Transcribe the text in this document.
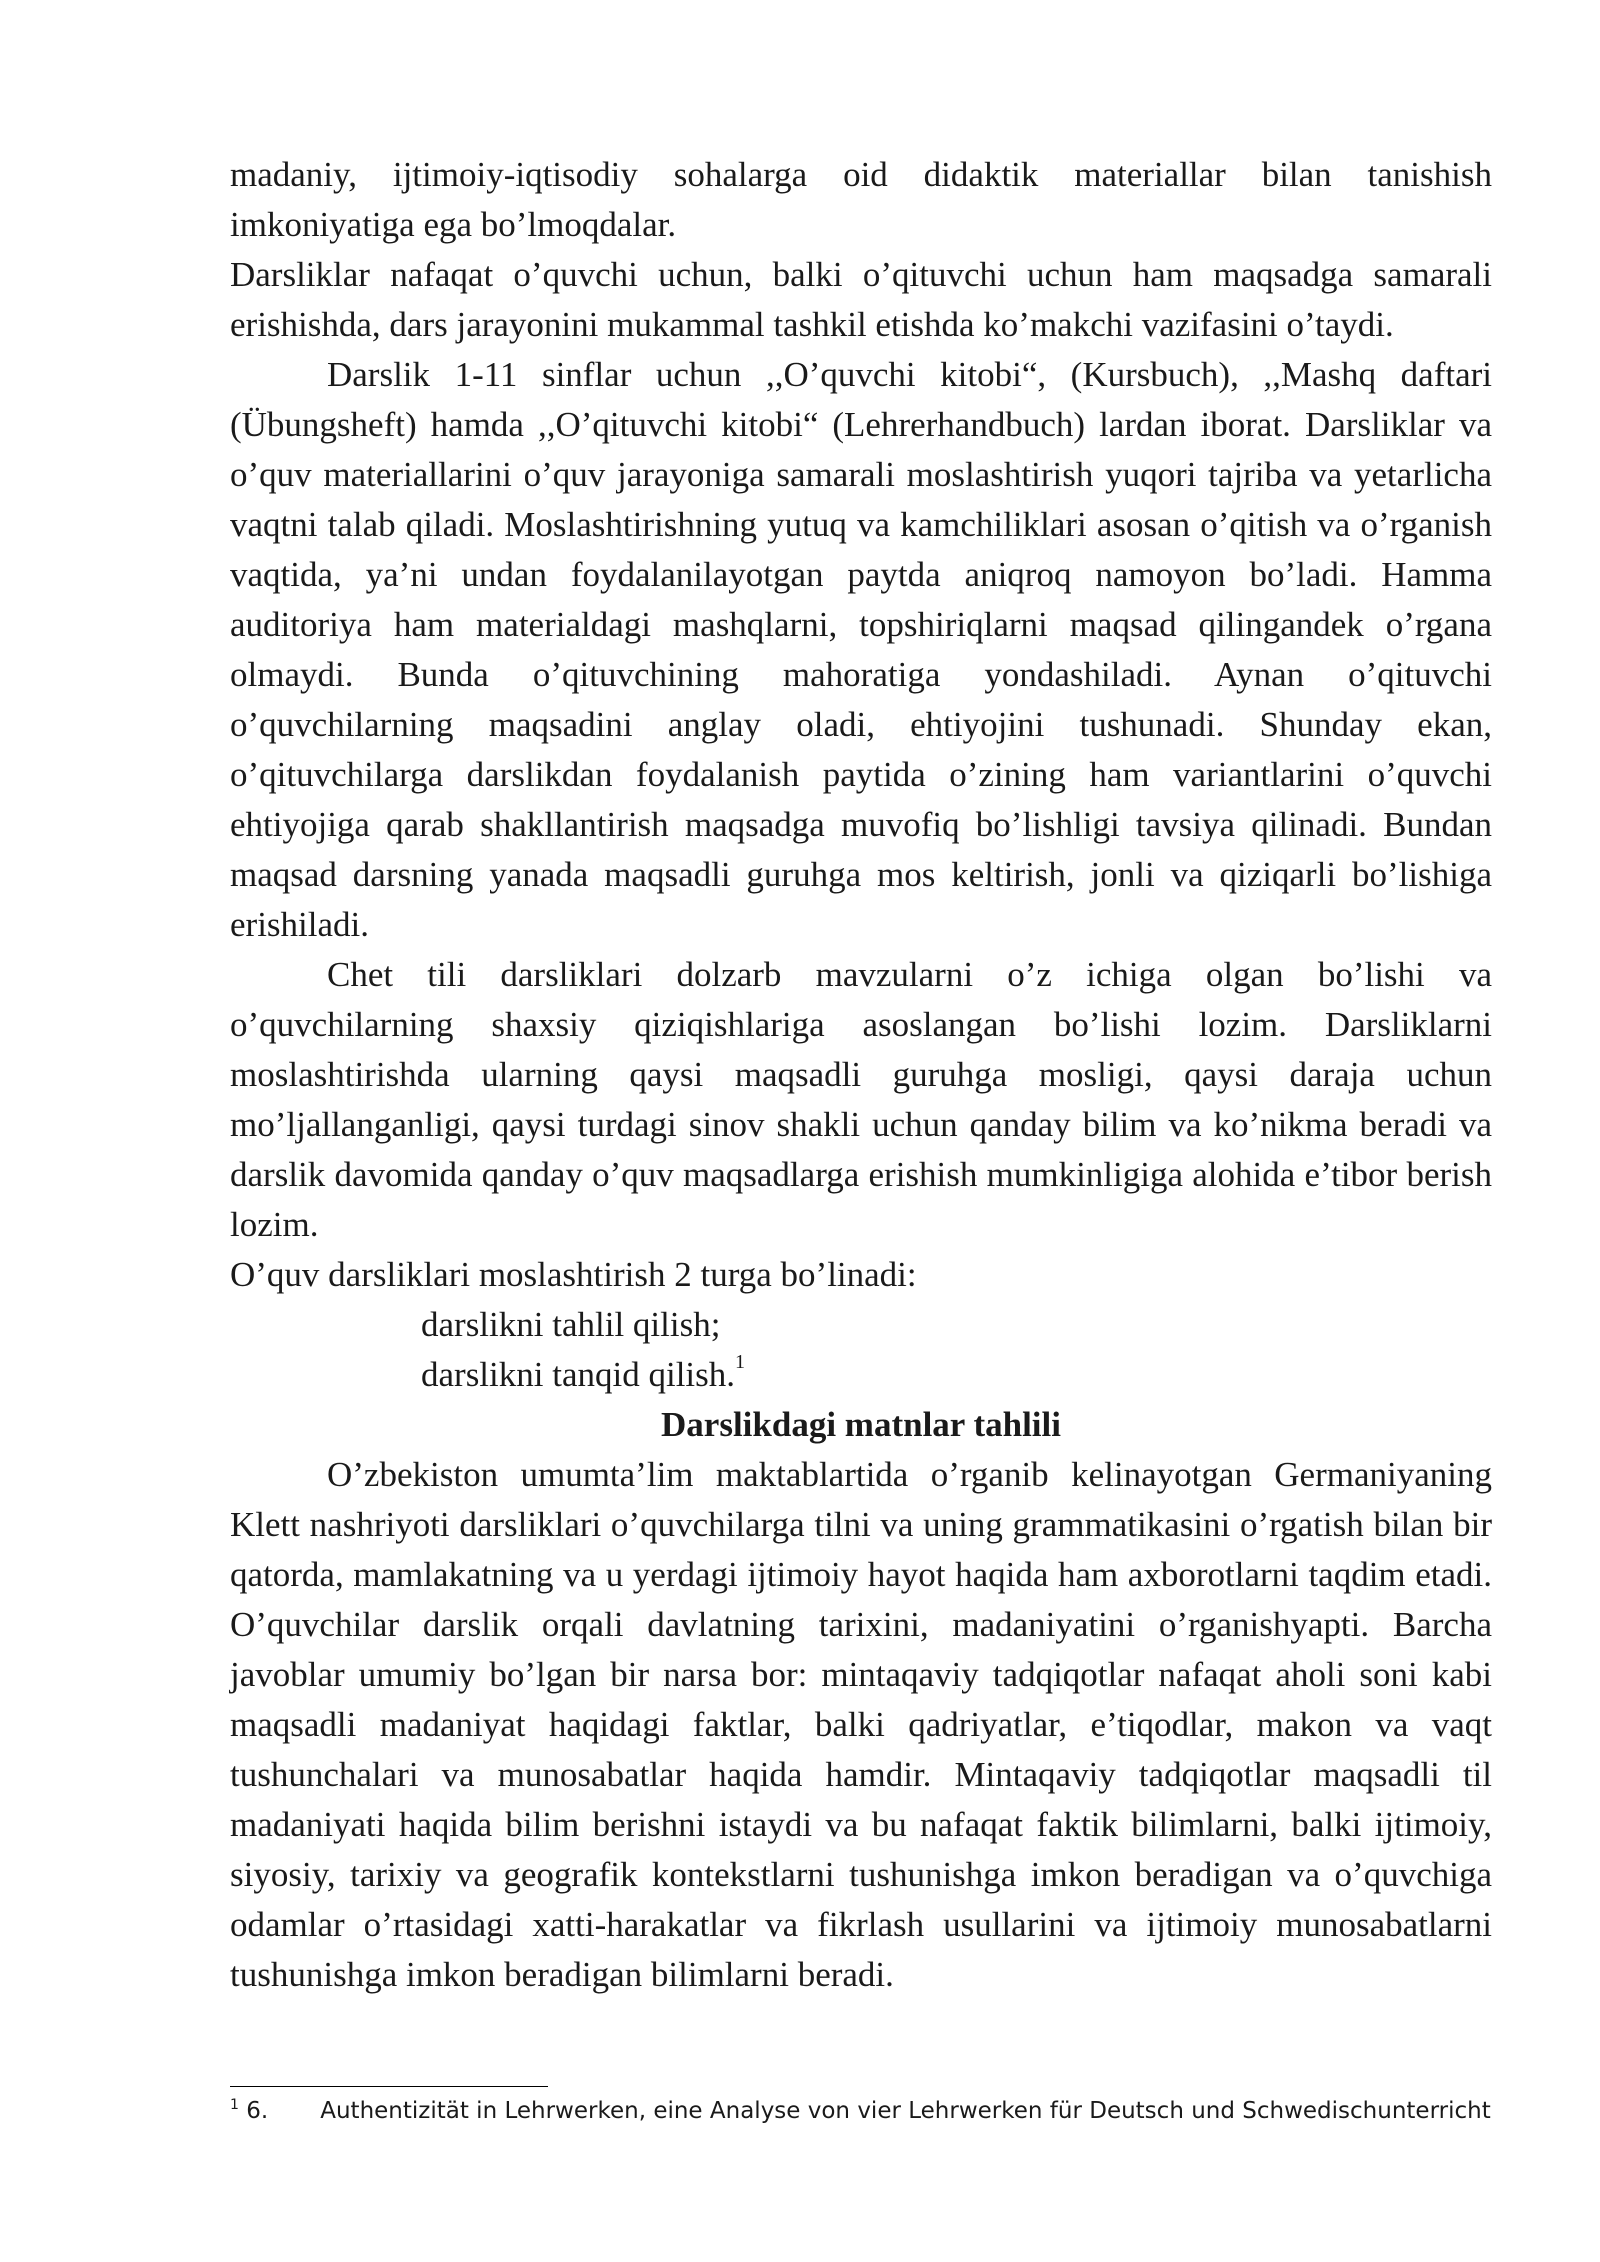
madaniy, ijtimoiy-iqtisodiy sohalarga oid didaktik materiallar bilan tanishish imkoniyatiga ega bo’lmoqdalar.

Darsliklar nafaqat o’quvchi uchun, balki o’qituvchi uchun ham maqsadga samarali erishishda, dars jarayonini mukammal tashkil etishda ko’makchi vazifasini o’taydi.

Darslik 1-11 sinflar uchun ,,O’quvchi kitobi“, (Kursbuch), ,,Mashq daftari (Übungsheft) hamda ,,O’qituvchi kitobi“ (Lehrerhandbuch) lardan iborat. Darsliklar va o’quv materiallarini o’quv jarayoniga samarali moslashtirish yuqori tajriba va yetarlicha vaqtni talab qiladi. Moslashtirishning yutuq va kamchiliklari asosan o’qitish va o’rganish vaqtida, ya’ni undan foydalanilayotgan paytda aniqroq namoyon bo’ladi. Hamma auditoriya ham materialdagi mashqlarni, topshiriqlarni maqsad qilingandek o’rgana olmaydi. Bunda o’qituvchining mahoratiga yondashiladi. Aynan o’qituvchi o’quvchilarning maqsadini anglay oladi, ehtiyojini tushunadi. Shunday ekan, o’qituvchilarga darslikdan foydalanish paytida o’zining ham variantlarini o’quvchi ehtiyojiga qarab shakllantirish maqsadga muvofiq bo’lishligi tavsiya qilinadi. Bundan maqsad darsning yanada maqsadli guruhga mos keltirish, jonli va qiziqarli bo’lishiga erishiladi.

Chet tili darsliklari dolzarb mavzularni o’z ichiga olgan bo’lishi va o’quvchilarning shaxsiy qiziqishlariga asoslangan bo’lishi lozim. Darsliklarni moslashtirishda ularning qaysi maqsadli guruhga mosligi, qaysi daraja uchun mo’ljallanganligi, qaysi turdagi sinov shakli uchun qanday bilim va ko’nikma beradi va darslik davomida qanday o’quv maqsadlarga erishish mumkinligiga alohida e’tibor berish lozim.

O’quv darsliklari moslashtirish 2 turga bo’linadi:

darslikni tahlil qilish;

darslikni tanqid qilish.$^1$

Darslikdagi matnlar tahlili

O’zbekiston umumta’lim maktablartida o’rganib kelinayotgan Germaniyaning Klett nashriyoti darsliklari o’quvchilarga tilni va uning grammatikasini o’rgatish bilan bir qatorda, mamlakatning va u yerdagi ijtimoiy hayot haqida ham axborotlarni taqdim etadi. O’quvchilar darslik orqali davlatning tarixini, madaniyatini o’rganishyapti. Barcha javoblar umumiy bo’lgan bir narsa bor: mintaqaviy tadqiqotlar nafaqat aholi soni kabi maqsadli madaniyat haqidagi faktlar, balki qadriyatlar, e’tiqodlar, makon va vaqt tushunchalari va munosabatlar haqida hamdir. Mintaqaviy tadqiqotlar maqsadli til madaniyati haqida bilim berishni istaydi va bu nafaqat faktik bilimlarni, balki ijtimoiy, siyosiy, tarixiy va geografik kontekstlarni tushunishga imkon beradigan va o’quvchiga odamlar o’rtasidagi xatti-harakatlar va fikrlash usullarini va ijtimoiy munosabatlarni tushunishga imkon beradigan bilimlarni beradi.

$^1$ 6. Authentizität in Lehrwerken, eine Analyse von vier Lehrwerken für Deutsch und Schwedischunterricht
